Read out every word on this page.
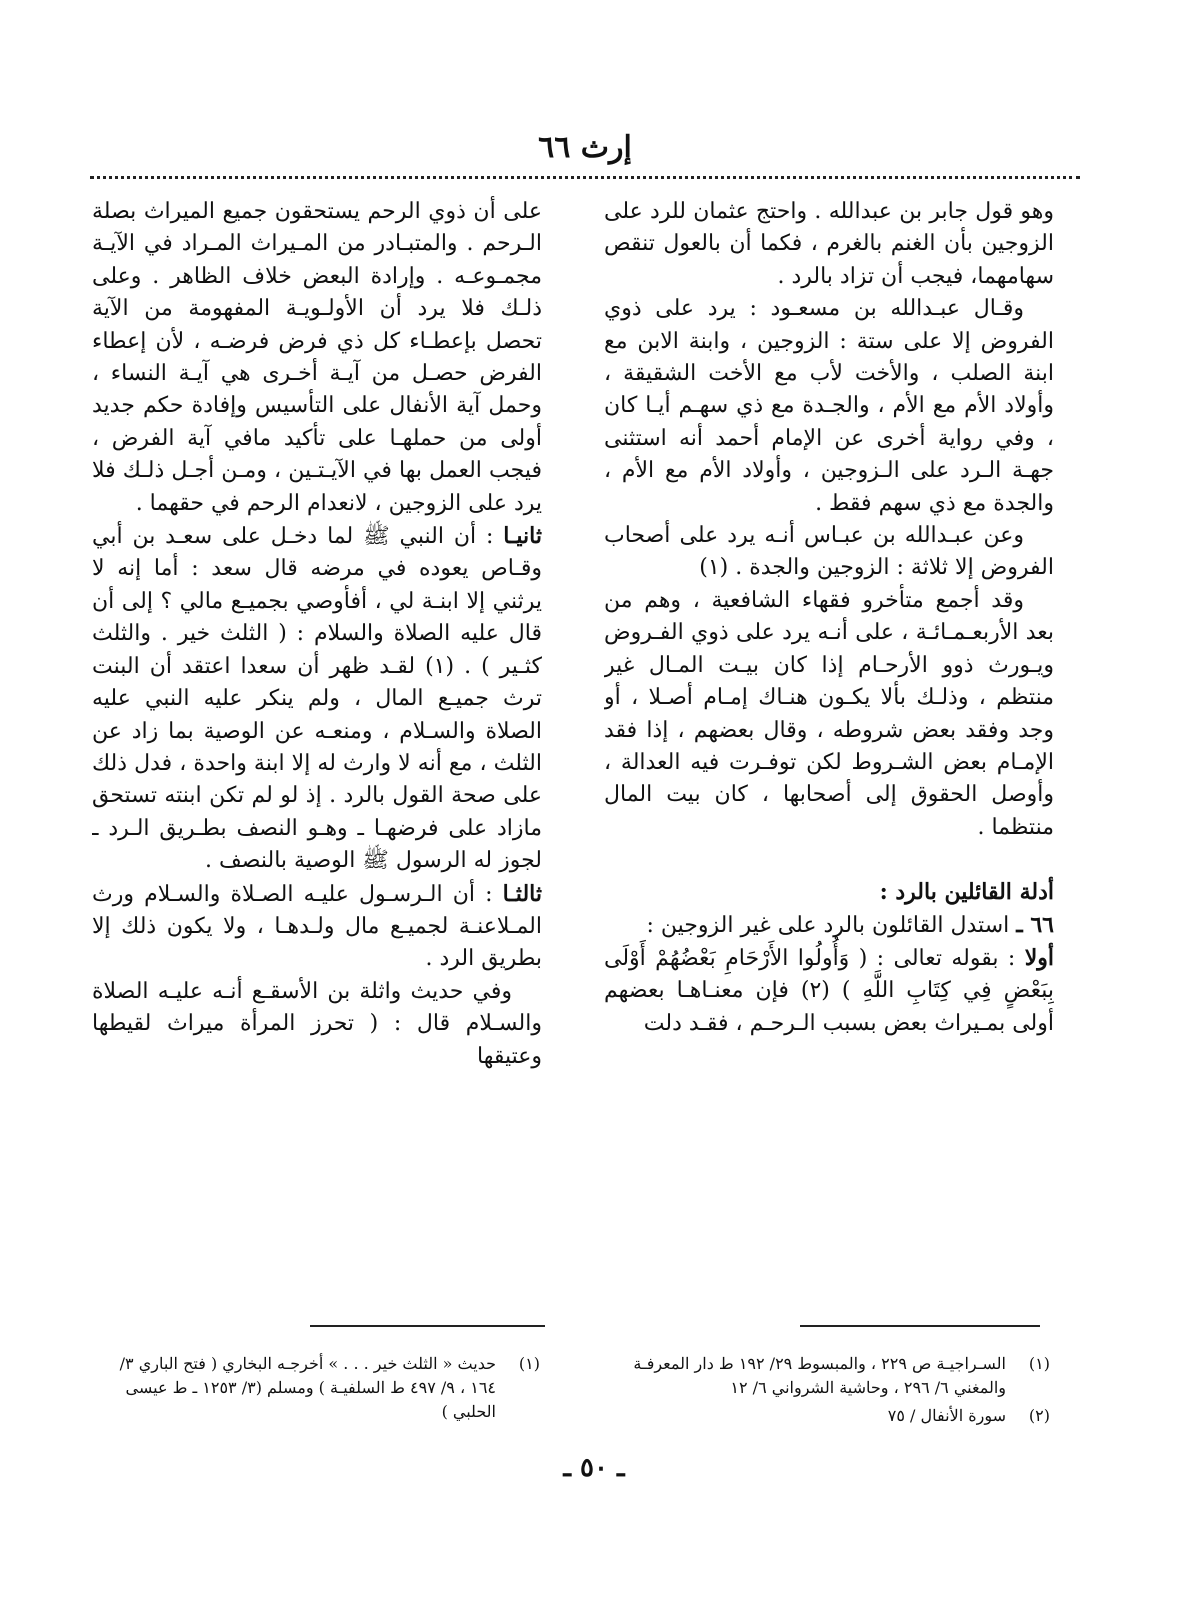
إرث ٦٦

وهو قول جابر بن عبدالله . واحتج عثمان للرد على الزوجين بأن الغنم بالغرم ، فكما أن بالعول تنقص سهامهما، فيجب أن تزاد بالرد .

وقـال عبـدالله بن مسعـود : يرد على ذوي الفروض إلا على ستة : الزوجين ، وابنة الابن مع ابنة الصلب ، والأخت لأب مع الأخت الشقيقة ، وأولاد الأم مع الأم ، والجـدة مع ذي سهـم أيـا كان ، وفي رواية أخرى عن الإمام أحمد أنه استثنى جهـة الـرد على الـزوجين ، وأولاد الأم مع الأم ، والجدة مع ذي سهم فقط .

وعن عبـدالله بن عبـاس أنـه يرد على أصحاب الفروض إلا ثلاثة : الزوجين والجدة . (١)

وقد أجمع متأخرو فقهاء الشافعية ، وهم من بعد الأربعـمـائـة ، على أنـه يرد على ذوي الفـروض ويـورث ذوو الأرحـام إذا كان بيـت المـال غير منتظم ، وذلـك بألا يكـون هنـاك إمـام أصـلا ، أو وجد وفقد بعض شروطه ، وقال بعضهم ، إذا فقد الإمـام بعض الشـروط لكن توفـرت فيه العدالة ، وأوصل الحقوق إلى أصحابها ، كان بيت المال منتظما .

أدلة القائلين بالرد :

٦٦ ـ استدل القائلون بالرد على غير الزوجين :

أولا : بقوله تعالى : ( وَأُولُوا الأَرْحَامِ بَعْضُهُمْ أَوْلَى بِبَعْضٍ فِي كِتَابِ اللَّهِ ) (٢) فإن معنـاهـا بعضهم أولى بمـيراث بعض بسبب الـرحـم ، فقـد دلت

على أن ذوي الرحم يستحقون جميع الميراث بصلة الـرحم . والمتبـادر من المـيراث المـراد في الآيـة مجمـوعـه . وإرادة البعض خلاف الظاهر . وعلى ذلـك فلا يرد أن الأولـويـة المفهومة من الآية تحصل بإعطـاء كل ذي فرض فرضـه ، لأن إعطاء الفرض حصـل من آيـة أخـرى هي آيـة النساء ، وحمل آية الأنفال على التأسيس وإفادة حكم جديد أولى من حملهـا على تأكيد مافي آية الفرض ، فيجب العمل بها في الآيـتـين ، ومـن أجـل ذلـك فلا يرد على الزوجين ، لانعدام الرحم في حقهما .

ثانيـا : أن النبي ﷺ لما دخـل على سعـد بن أبي وقـاص يعوده في مرضه قال سعد : أما إنه لا يرثني إلا ابنـة لي ، أفأوصي بجميـع مالي ؟ إلى أن قال عليه الصلاة والسلام : ( الثلث خير . والثلث كثـير ) . (١) لقـد ظهر أن سعدا اعتقد أن البنت ترث جميـع المال ، ولم ينكر عليه النبي عليه الصلاة والسـلام ، ومنعـه عن الوصية بما زاد عن الثلث ، مع أنه لا وارث له إلا ابنة واحدة ، فدل ذلك على صحة القول بالرد . إذ لو لم تكن ابنته تستحق مازاد على فرضهـا ـ وهـو النصف بطـريق الـرد ـ لجوز له الرسول ﷺ الوصية بالنصف .

ثالثـا : أن الـرسـول عليـه الصـلاة والسـلام ورث المـلاعنـة لجميـع مال ولـدهـا ، ولا يكون ذلك إلا بطريق الرد .

وفي حديث واثلة بن الأسقـع أنـه عليـه الصلاة والسـلام قال : ( تحرز المرأة ميراث لقيطها وعتيقها

(١)
السـراجيـة ص ٢٢٩ ، والمبسوط ٢٩/ ١٩٢ ط دار المعرفـة والمغني ٦/ ٢٩٦ ، وحاشية الشرواني ٦/ ١٢
(٢)
سورة الأنفال / ٧٥
(١)
حديث « الثلث خير . . . » أخرجـه البخاري ( فتح الباري ٣/ ١٦٤ ، ٩/ ٤٩٧ ط السلفيـة ) ومسلم (٣/ ١٢٥٣ ـ ط عيسى الحلبي )
ـ ٥٠ ـ
